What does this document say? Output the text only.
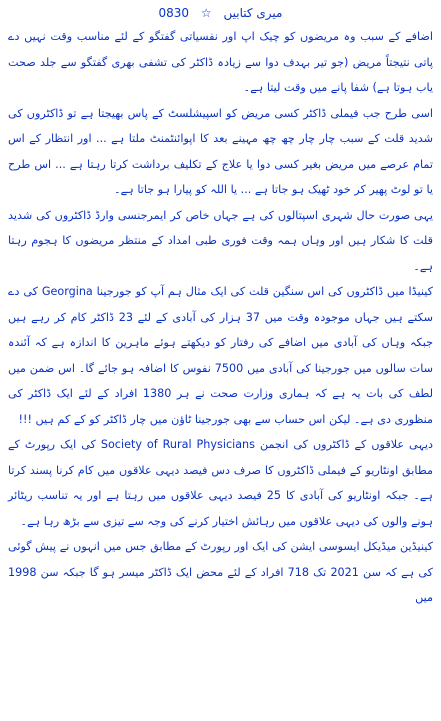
میری کتابیں ☆ 0830

اضافے کے سبب وہ مریضوں کو چیک اپ اور نفسیاتی گفتگو کے لئے مناسب وقت نہیں دے پاتی نتیجتاً مریض (جو تیر بہدف دوا سے زیادہ ڈاکٹر کی تشفی بھری گفتگو سے جلد صحت یاب ہوتا ہے) شفا پانے میں وقت لیتا ہے۔

اسی طرح جب فیملی ڈاکٹر کسی مریض کو اسپیشلسٹ کے پاس بھیجتا ہے تو ڈاکٹروں کی شدید قلت کے سبب چار چار چھ چھ مہینے بعد کا اپوائنٹمنٹ ملتا ہے ... اور انتظار کے اس تمام عرصے میں مریض بغیر کسی دوا یا علاج کے تکلیف برداشت کرتا رہتا ہے ... اس طرح یا تو لوٹ پھیر کر خود ٹھیک ہو جاتا ہے ... یا اللہ کو پیارا ہو جاتا ہے۔

یہی صورت حال شہری اسپتالوں کی ہے جہاں خاص کر ایمرجنسی وارڈ ڈاکٹروں کی شدید قلت کا شکار ہیں اور وہاں ہمہ وقت فوری طبی امداد کے منتظر مریضوں کا ہجوم رہتا ہے۔

کینیڈا میں ڈاکٹروں کی اس سنگین قلت کی ایک مثال ہم آپ کو جورجینا Georgina کی دے سکتے ہیں جہاں موجودہ وقت میں 37 ہزار کی آبادی کے لئے 23 ڈاکٹر کام کر رہے ہیں جبکہ وہاں کی آبادی میں اضافے کی رفتار کو دیکھتے ہوئے ماہرین کا اندازہ ہے کہ آئندہ سات سالوں میں جورجینا کی آبادی میں 7500 نفوس کا اضافہ ہو جائے گا۔ اس ضمن میں لطف کی بات یہ ہے کہ ہماری وزارت صحت نے ہر 1380 افراد کے لئے ایک ڈاکٹر کی منظوری دی ہے۔ لیکن اس حساب سے بھی جورجینا ٹاؤن میں چار ڈاکٹر کو کے کم ہیں !!!

دیہی علاقوں کے ڈاکٹروں کی انجمن Society of Rural Physicians کی ایک رپورٹ کے مطابق اونٹاریو کے فیملی ڈاکٹروں کا صرف دس فیصد دیہی علاقوں میں کام کرنا پسند کرتا ہے۔ جبکہ اونٹاریو کی آبادی کا 25 فیصد دیہی علاقوں میں رہتا ہے اور یہ تناسب ریٹائر ہونے والوں کی دیہی علاقوں میں رہائش اختیار کرنے کی وجہ سے تیزی سے بڑھ رہا ہے۔

کینیڈین میڈیکل ایسوسی ایشن کی ایک اور رپورٹ کے مطابق جس میں انہوں نے پیش گوئی کی ہے کہ سن 2021 تک 718 افراد کے لئے محض ایک ڈاکٹر میسر ہو گا جبکہ سن 1998 میں
